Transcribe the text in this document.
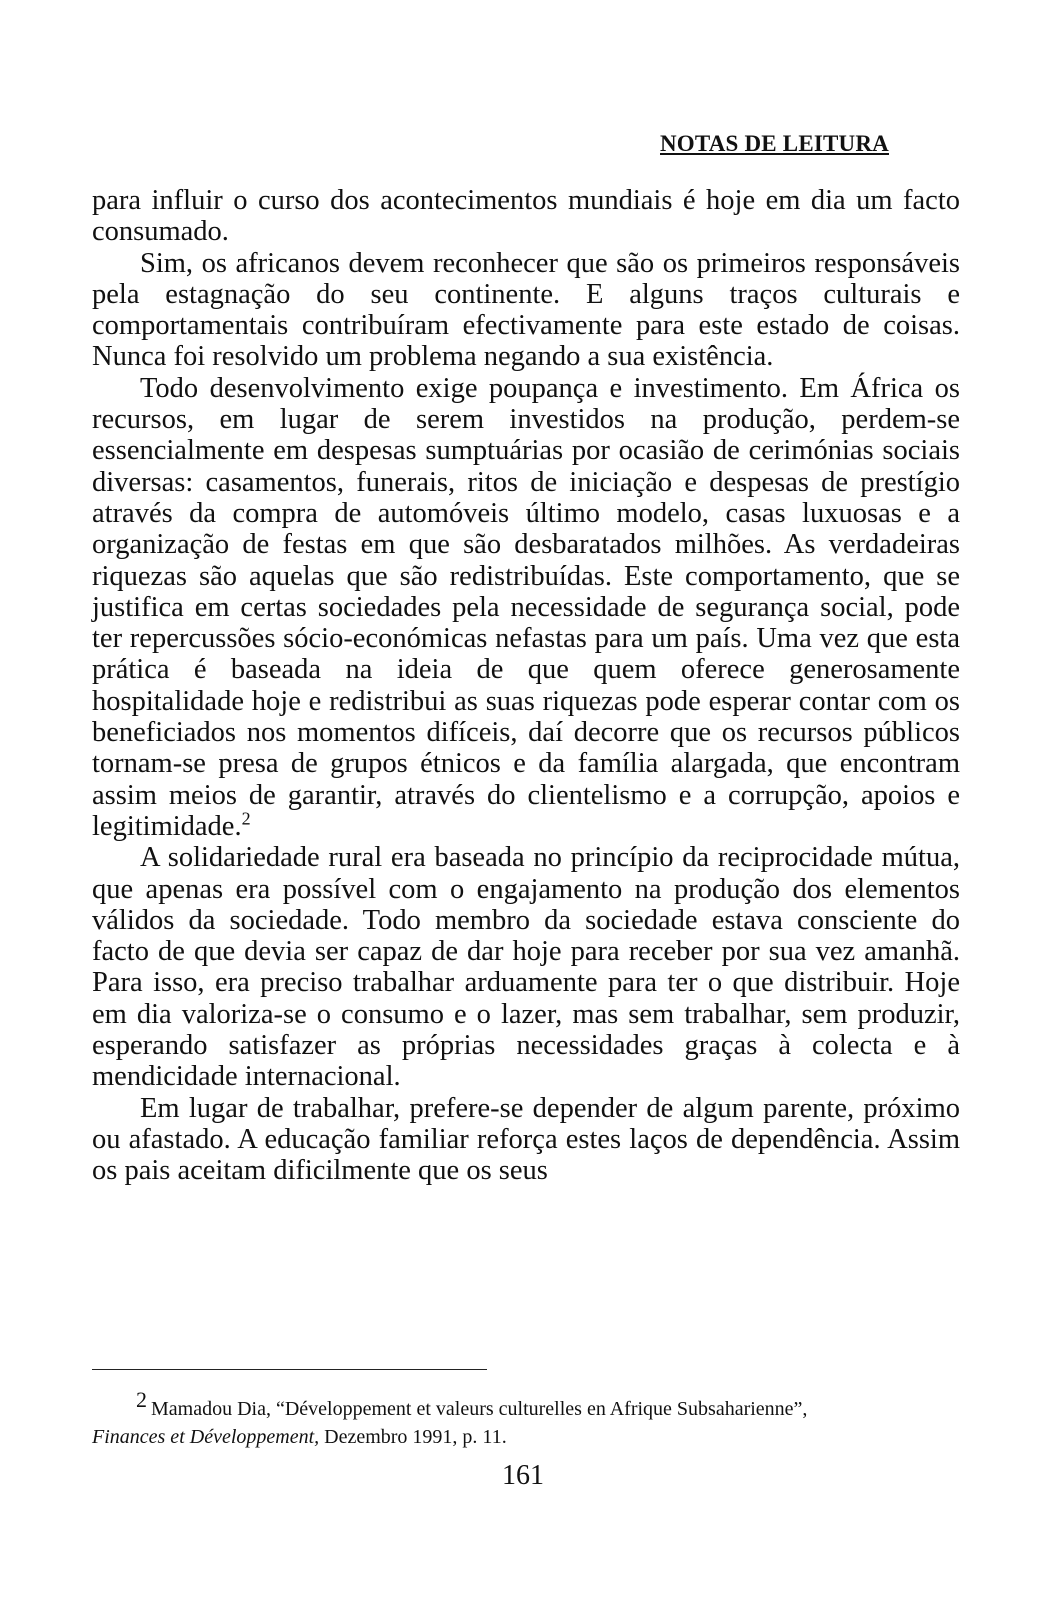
NOTAS DE LEITURA

para influir o curso dos acontecimentos mundiais é hoje em dia um facto consumado.

Sim, os africanos devem reconhecer que são os primeiros responsáveis pela estagnação do seu continente. E alguns traços culturais e comportamentais contribuíram efectivamente para este estado de coisas. Nunca foi resolvido um problema negando a sua existência.

Todo desenvolvimento exige poupança e investimento. Em África os recursos, em lugar de serem investidos na produção, perdem-se essencialmente em despesas sumptuárias por ocasião de cerimónias sociais diversas: casamentos, funerais, ritos de iniciação e despesas de prestígio através da compra de automóveis último modelo, casas luxuosas e a organização de festas em que são desbaratados milhões. As verdadeiras riquezas são aquelas que são redistribuídas. Este comportamento, que se justifica em certas sociedades pela necessidade de segurança social, pode ter repercussões sócio-económicas nefastas para um país. Uma vez que esta prática é baseada na ideia de que quem oferece generosamente hospitalidade hoje e redistribui as suas riquezas pode esperar contar com os beneficiados nos momentos difíceis, daí decorre que os recursos públicos tornam-se presa de grupos étnicos e da família alargada, que encontram assim meios de garantir, através do clientelismo e a corrupção, apoios e legitimidade.$^2$

A solidariedade rural era baseada no princípio da reciprocidade mútua, que apenas era possível com o engajamento na produção dos elementos válidos da sociedade. Todo membro da sociedade estava consciente do facto de que devia ser capaz de dar hoje para receber por sua vez amanhã. Para isso, era preciso trabalhar arduamente para ter o que distribuir. Hoje em dia valoriza-se o consumo e o lazer, mas sem trabalhar, sem produzir, esperando satisfazer as próprias necessidades graças à colecta e à mendicidade internacional.

Em lugar de trabalhar, prefere-se depender de algum parente, próximo ou afastado. A educação familiar reforça estes laços de dependência. Assim os pais aceitam dificilmente que os seus

2 Mamadou Dia, “Développement et valeurs culturelles en Afrique Subsaharienne”,
Finances et Développement, Dezembro 1991, p. 11.
161
